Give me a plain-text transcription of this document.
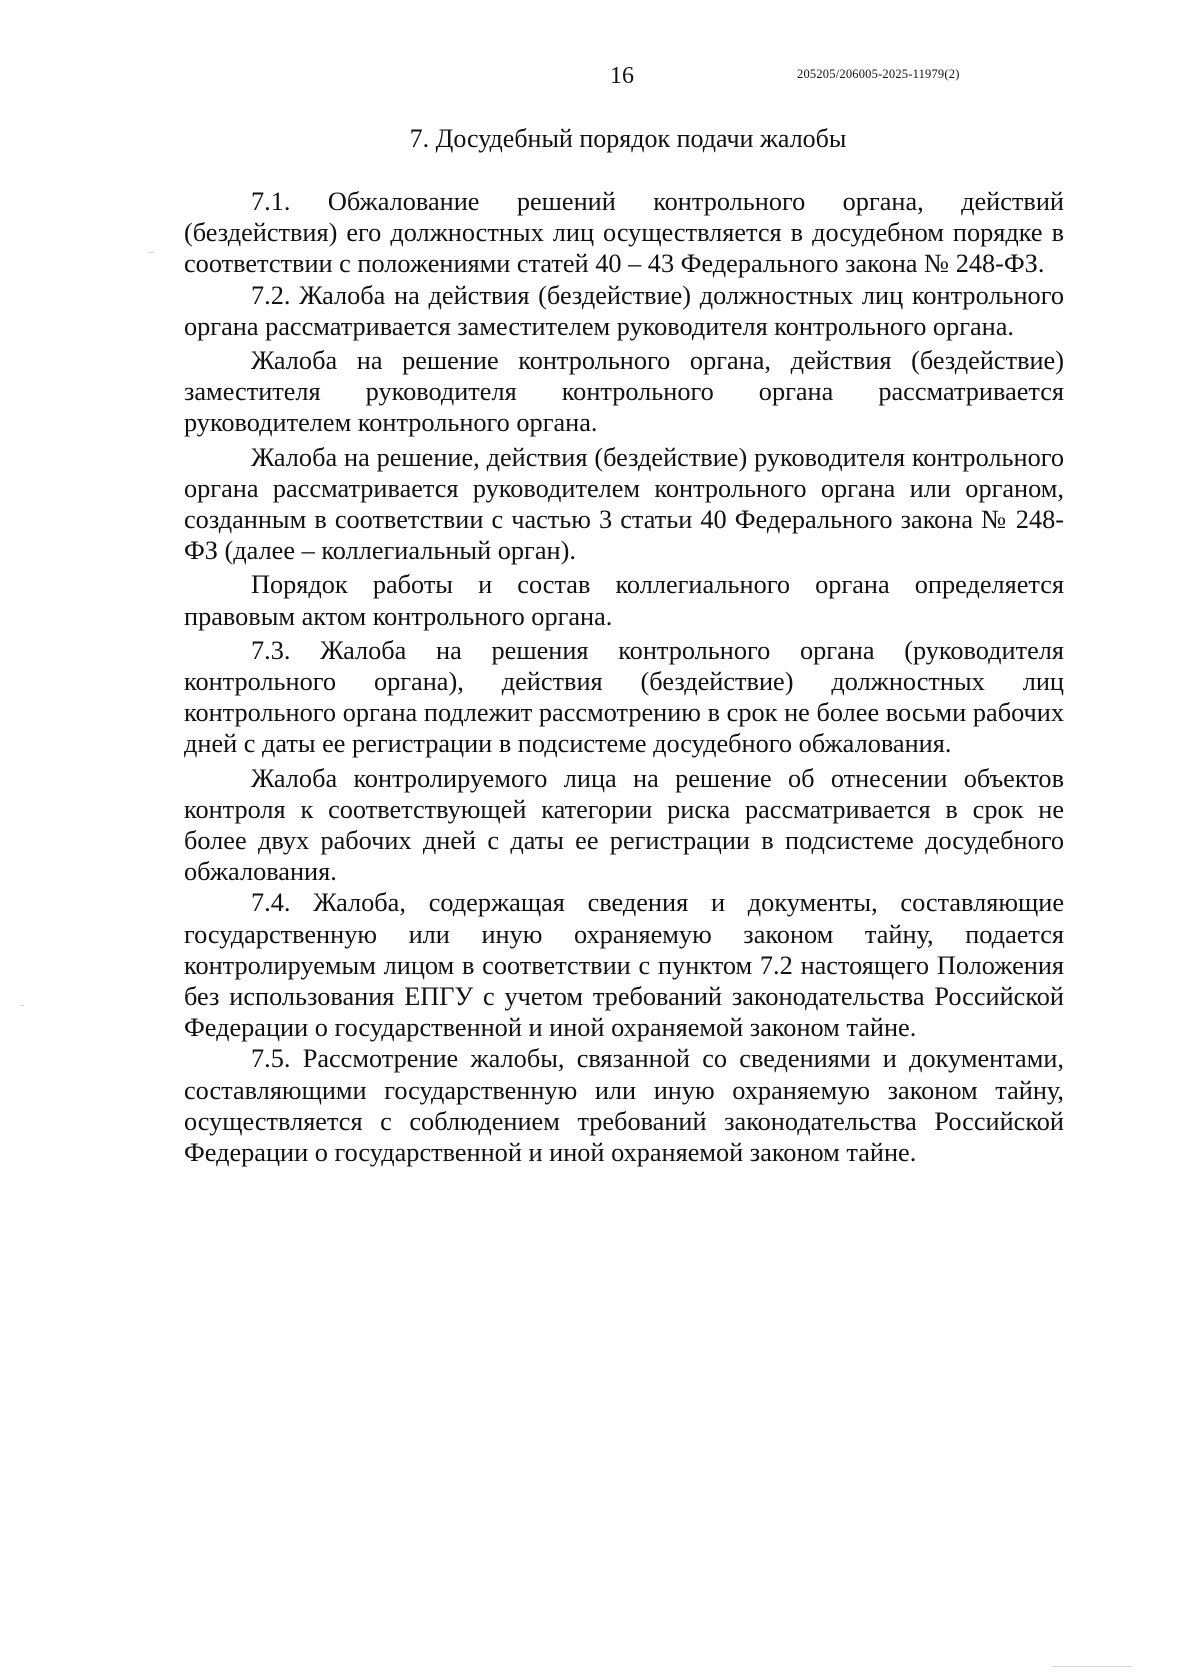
16	205205/206005-2025-11979(2)
7. Досудебный порядок подачи жалобы

7.1. Обжалование решений контрольного органа, действий (бездействия) его должностных лиц осуществляется в досудебном порядке в соответствии с положениями статей 40 – 43 Федерального закона № 248-ФЗ.

7.2. Жалоба на действия (бездействие) должностных лиц контрольного органа рассматривается заместителем руководителя контрольного органа.

Жалоба на решение контрольного органа, действия (бездействие) заместителя руководителя контрольного органа рассматривается руководителем контрольного органа.

Жалоба на решение, действия (бездействие) руководителя контрольного органа рассматривается руководителем контрольного органа или органом, созданным в соответствии с частью 3 статьи 40 Федерального закона № 248-ФЗ (далее – коллегиальный орган).

Порядок работы и состав коллегиального органа определяется правовым актом контрольного органа.

7.3. Жалоба на решения контрольного органа (руководителя контрольного органа), действия (бездействие) должностных лиц контрольного органа подлежит рассмотрению в срок не более восьми рабочих дней с даты ее регистрации в подсистеме досудебного обжалования.

Жалоба контролируемого лица на решение об отнесении объектов контроля к соответствующей категории риска рассматривается в срок не более двух рабочих дней с даты ее регистрации в подсистеме досудебного обжалования.

7.4. Жалоба, содержащая сведения и документы, составляющие государственную или иную охраняемую законом тайну, подается контролируемым лицом в соответствии с пунктом 7.2 настоящего Положения без использования ЕПГУ с учетом требований законодательства Российской Федерации о государственной и иной охраняемой законом тайне.

7.5. Рассмотрение жалобы, связанной со сведениями и документами, составляющими государственную или иную охраняемую законом тайну, осуществляется с соблюдением требований законодательства Российской Федерации о государственной и иной охраняемой законом тайне.
